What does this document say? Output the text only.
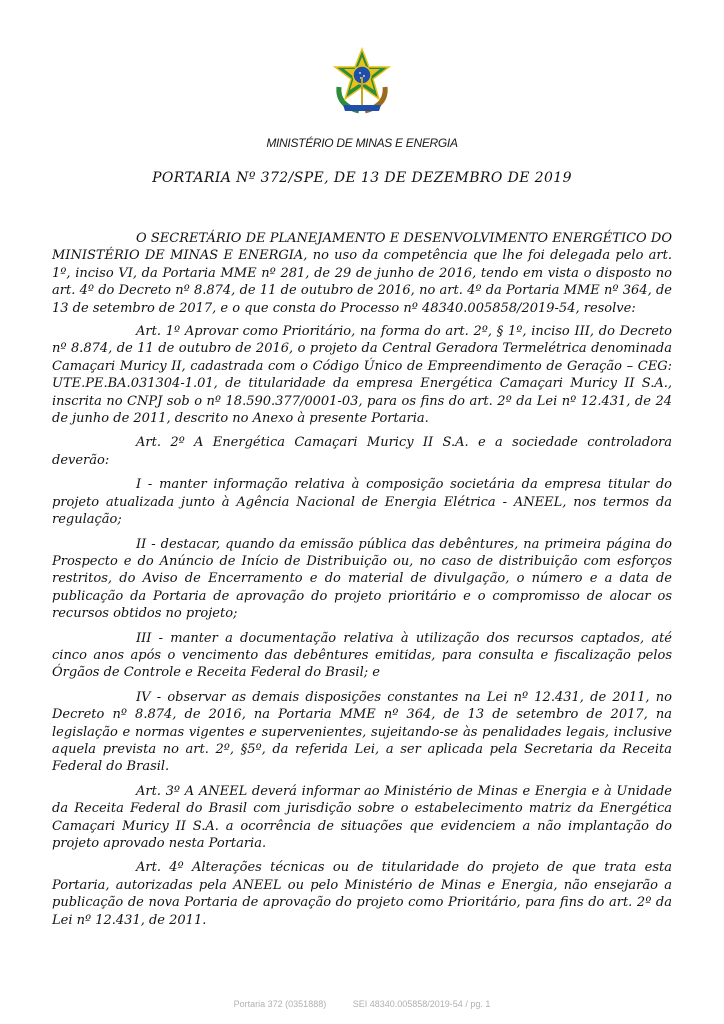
MINISTÉRIO DE MINAS E ENERGIA
PORTARIA Nº 372/SPE, DE 13 DE DEZEMBRO DE 2019

O SECRETÁRIO DE PLANEJAMENTO E DESENVOLVIMENTO ENERGÉTICO DO MINISTÉRIO DE MINAS E ENERGIA, no uso da competência que lhe foi delegada pelo art. 1º, inciso VI, da Portaria MME nº 281, de 29 de junho de 2016, tendo em vista o disposto no art. 4º do Decreto nº 8.874, de 11 de outubro de 2016, no art. 4º da Portaria MME nº 364, de 13 de setembro de 2017, e o que consta do Processo nº 48340.005858/2019-54, resolve:

Art. 1º Aprovar como Prioritário, na forma do art. 2º, § 1º, inciso III, do Decreto nº 8.874, de 11 de outubro de 2016, o projeto da Central Geradora Termelétrica denominada Camaçari Muricy II, cadastrada com o Código Único de Empreendimento de Geração – CEG: UTE.PE.BA.031304-1.01, de titularidade da empresa Energética Camaçari Muricy II S.A., inscrita no CNPJ sob o nº 18.590.377/0001-03, para os fins do art. 2º da Lei nº 12.431, de 24 de junho de 2011, descrito no Anexo à presente Portaria.

Art. 2º A Energética Camaçari Muricy II S.A. e a sociedade controladora deverão:

I - manter informação relativa à composição societária da empresa titular do projeto atualizada junto à Agência Nacional de Energia Elétrica - ANEEL, nos termos da regulação;

II - destacar, quando da emissão pública das debêntures, na primeira página do Prospecto e do Anúncio de Início de Distribuição ou, no caso de distribuição com esforços restritos, do Aviso de Encerramento e do material de divulgação, o número e a data de publicação da Portaria de aprovação do projeto prioritário e o compromisso de alocar os recursos obtidos no projeto;

III - manter a documentação relativa à utilização dos recursos captados, até cinco anos após o vencimento das debêntures emitidas, para consulta e fiscalização pelos Órgãos de Controle e Receita Federal do Brasil; e

IV - observar as demais disposições constantes na Lei nº 12.431, de 2011, no Decreto nº 8.874, de 2016, na Portaria MME nº 364, de 13 de setembro de 2017, na legislação e normas vigentes e supervenientes, sujeitando-se às penalidades legais, inclusive aquela prevista no art. 2º, §5º, da referida Lei, a ser aplicada pela Secretaria da Receita Federal do Brasil.

Art. 3º A ANEEL deverá informar ao Ministério de Minas e Energia e à Unidade da Receita Federal do Brasil com jurisdição sobre o estabelecimento matriz da Energética Camaçari Muricy II S.A. a ocorrência de situações que evidenciem a não implantação do projeto aprovado nesta Portaria.

Art. 4º Alterações técnicas ou de titularidade do projeto de que trata esta Portaria, autorizadas pela ANEEL ou pelo Ministério de Minas e Energia, não ensejarão a publicação de nova Portaria de aprovação do projeto como Prioritário, para fins do art. 2º da Lei nº 12.431, de 2011.

Portaria 372 (0351888)	SEI 48340.005858/2019-54 / pg. 1
